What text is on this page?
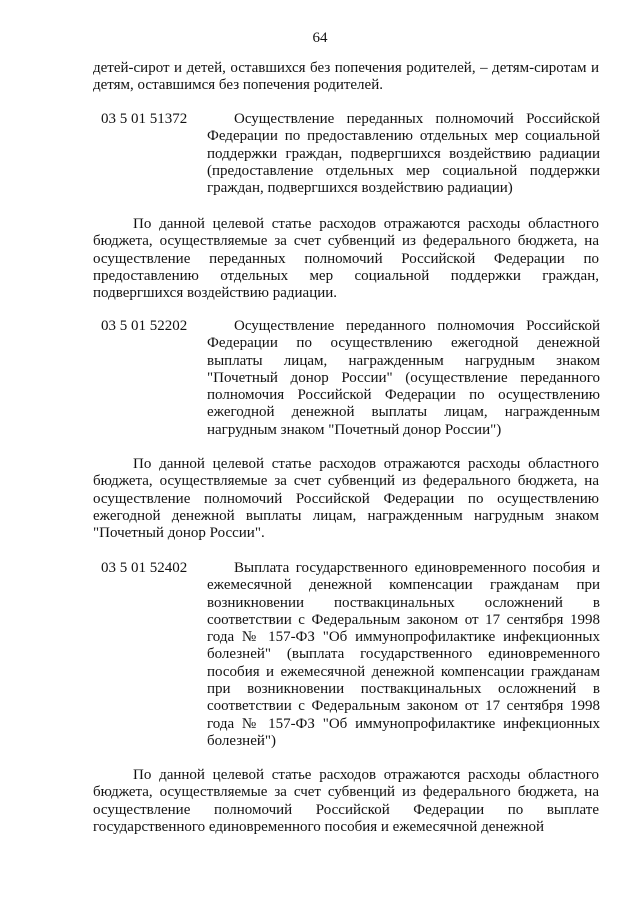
64
детей-сирот и детей, оставшихся без попечения родителей, – детям-сиротам и детям, оставшимся без попечения родителей.
03 5 01 51372	Осуществление переданных полномочий Российской Федерации по предоставлению отдельных мер социальной поддержки граждан, подвергшихся воздействию радиации (предоставление отдельных мер социальной поддержки граждан, подвергшихся воздействию радиации)
По данной целевой статье расходов отражаются расходы областного бюджета, осуществляемые за счет субвенций из федерального бюджета, на осуществление переданных полномочий Российской Федерации по предоставлению отдельных мер социальной поддержки граждан, подвергшихся воздействию радиации.
03 5 01 52202	Осуществление переданного полномочия Российской Федерации по осуществлению ежегодной денежной выплаты лицам, награжденным нагрудным знаком "Почетный донор России" (осуществление переданного полномочия Российской Федерации по осуществлению ежегодной денежной выплаты лицам, награжденным нагрудным знаком "Почетный донор России")
По данной целевой статье расходов отражаются расходы областного бюджета, осуществляемые за счет субвенций из федерального бюджета, на осуществление полномочий Российской Федерации по осуществлению ежегодной денежной выплаты лицам, награжденным нагрудным знаком "Почетный донор России".
03 5 01 52402	Выплата государственного единовременного пособия и ежемесячной денежной компенсации гражданам при возникновении поствакцинальных осложнений в соответствии с Федеральным законом от 17 сентября 1998 года № 157-ФЗ "Об иммунопрофилактике инфекционных болезней" (выплата государственного единовременного пособия и ежемесячной денежной компенсации гражданам при возникновении поствакцинальных осложнений в соответствии с Федеральным законом от 17 сентября 1998 года № 157-ФЗ "Об иммунопрофилактике инфекционных болезней")
По данной целевой статье расходов отражаются расходы областного бюджета, осуществляемые за счет субвенций из федерального бюджета, на осуществление полномочий Российской Федерации по выплате государственного единовременного пособия и ежемесячной денежной
